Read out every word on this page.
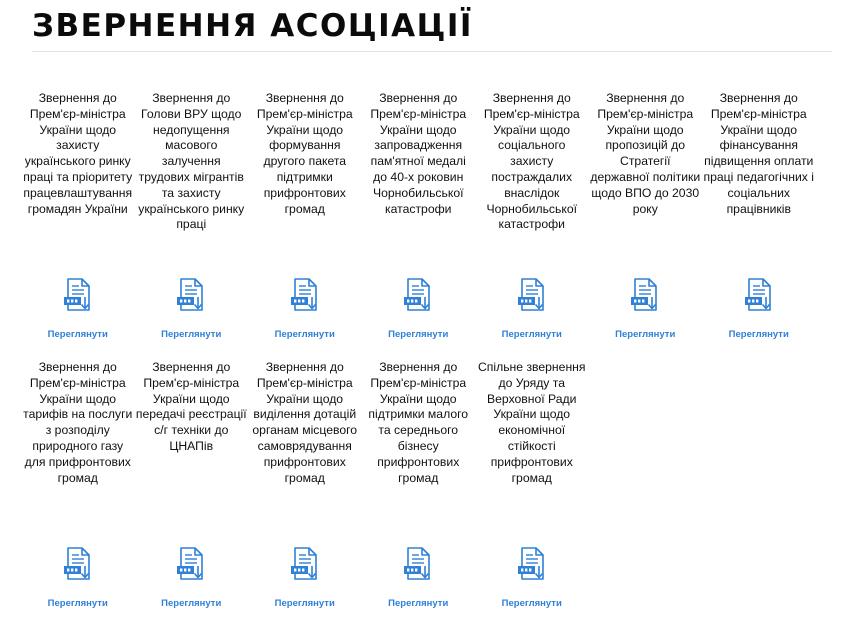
ЗВЕРНЕННЯ АСОЦІАЦІЇ
Звернення до Прем'єр-міністра України щодо захисту українського ринку праці та пріоритету працевлаштування громадян України
Переглянути
Звернення до Голови ВРУ щодо недопущення масового залучення трудових мігрантів та захисту українського ринку праці
Переглянути
Звернення до Прем'єр-міністра України щодо формування другого пакета підтримки прифронтових громад
Переглянути
Звернення до Прем'єр-міністра України щодо запровадження пам'ятної медалі до 40-х роковин Чорнобильської катастрофи
Переглянути
Звернення до Прем'єр-міністра України щодо соціального захисту постраждалих внаслідок Чорнобильської катастрофи
Переглянути
Звернення до Прем'єр-міністра України щодо пропозицій до Стратегії державної політики щодо ВПО до 2030 року
Переглянути
Звернення до Прем'єр-міністра України щодо фінансування підвищення оплати праці педагогічних і соціальних працівників
Переглянути
Звернення до Прем'єр-міністра України щодо тарифів на послуги з розподілу природного газу для прифронтових громад
Переглянути
Звернення до Прем'єр-міністра України щодо передачі реєстрації с/г техніки до ЦНАПів
Переглянути
Звернення до Прем'єр-міністра України щодо виділення дотацій органам місцевого самоврядування прифронтових громад
Переглянути
Звернення до Прем'єр-міністра України щодо підтримки малого та середнього бізнесу прифронтових громад
Переглянути
Спільне звернення до Уряду та Верховної Ради України щодо економічної стійкості прифронтових громад
Переглянути
